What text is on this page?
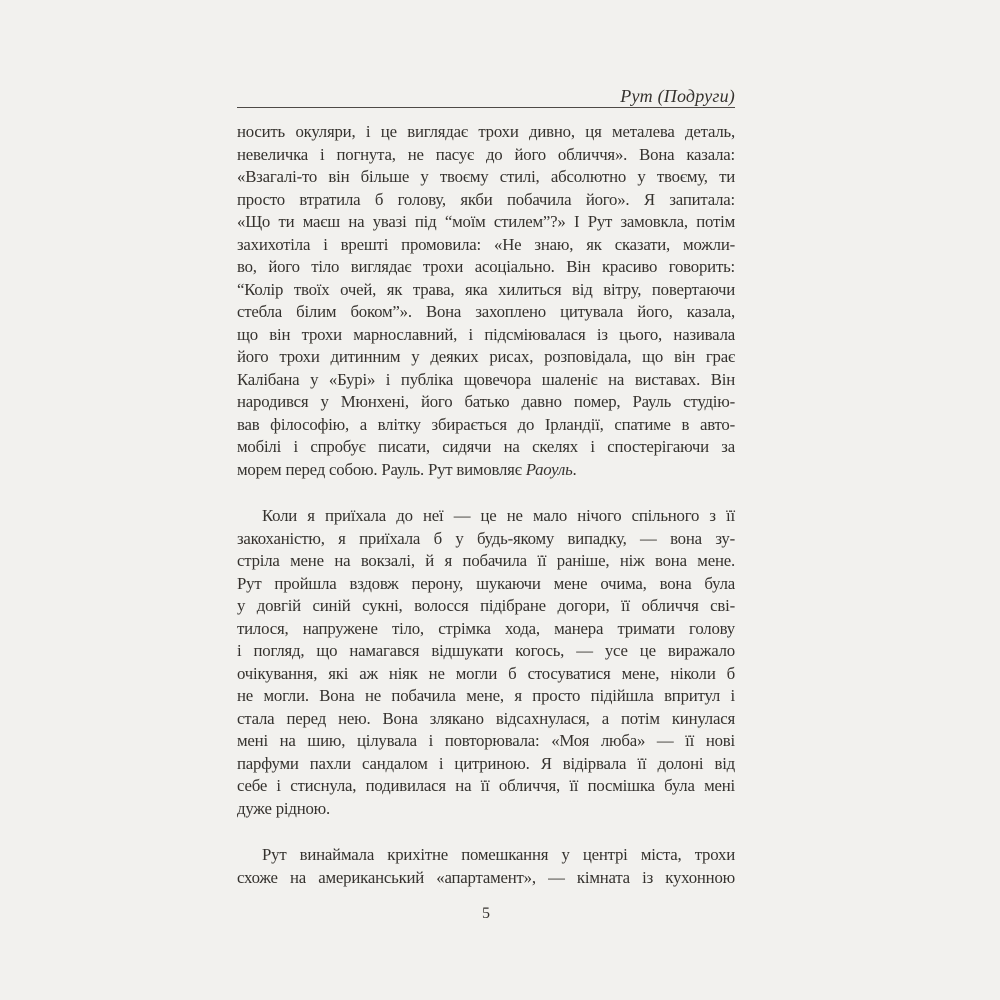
Рут (Подруги)
носить окуляри, і це виглядає трохи дивно, ця металева деталь,
невеличка і погнута, не пасує до його обличчя». Вона казала:
«Взагалі-то він більше у твоєму стилі, абсолютно у твоєму, ти
просто втратила б голову, якби побачила його». Я запитала:
«Що ти маєш на увазі під “моїм стилем”?» І Рут замовкла, потім
захихотіла і врешті промовила: «Не знаю, як сказати, можли-
во, його тіло виглядає трохи асоціально. Він красиво говорить:
“Колір твоїх очей, як трава, яка хилиться від вітру, повертаючи
стебла білим боком”». Вона захоплено цитувала його, казала,
що він трохи марнославний, і підсміювалася із цього, називала
його трохи дитинним у деяких рисах, розповідала, що він грає
Калібана у «Бурі» і публіка щовечора шаленіє на виставах. Він
народився у Мюнхені, його батько давно помер, Рауль студію-
вав філософію, а влітку збирається до Ірландії, спатиме в авто-
мобілі і спробує писати, сидячи на скелях і спостерігаючи за
морем перед собою. Рауль. Рут вимовляє Раоуль.
Коли я приїхала до неї — це не мало нічого спільного з її
закоханістю, я приїхала б у будь-якому випадку, — вона зу-
стріла мене на вокзалі, й я побачила її раніше, ніж вона мене.
Рут пройшла вздовж перону, шукаючи мене очима, вона була
у довгій синій сукні, волосся підібране догори, її обличчя сві-
тилося, напружене тіло, стрімка хода, манера тримати голову
і погляд, що намагався відшукати когось, — усе це виражало
очікування, які аж ніяк не могли б стосуватися мене, ніколи б
не могли. Вона не побачила мене, я просто підійшла впритул і
стала перед нею. Вона злякано відсахнулася, а потім кинулася
мені на шию, цілувала і повторювала: «Моя люба» — її нові
парфуми пахли сандалом і цитриною. Я відірвала її долоні від
себе і стиснула, подивилася на її обличчя, її посмішка була мені
дуже рідною.
Рут винаймала крихітне помешкання у центрі міста, трохи
схоже на американський «апартамент», — кімната із кухонною
5
